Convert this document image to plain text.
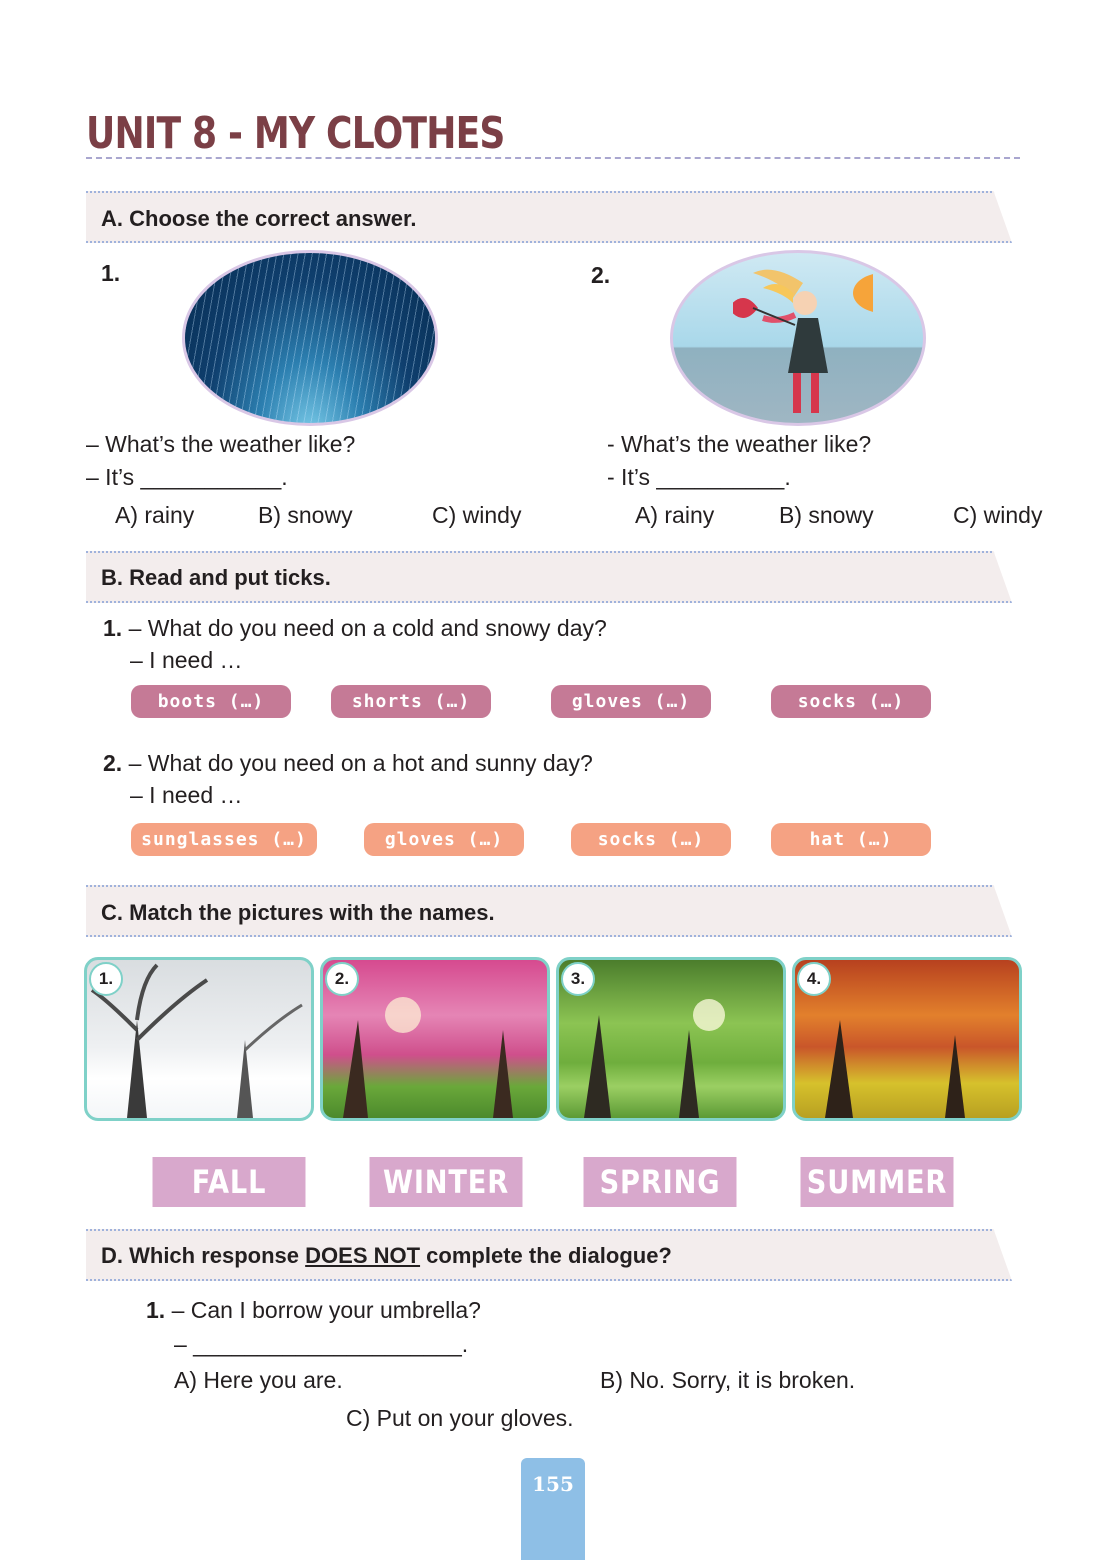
UNIT 8 - MY CLOTHES
A. Choose the correct answer.
1.	2.
– What’s the weather like?
– It’s ___________.
A) rainy	B) snowy	C) windy
- What’s the weather like?
- It’s __________.
A) rainy	B) snowy	C) windy
B. Read and put ticks.
1. – What do you need on a cold and snowy day?
– I need …
boots (…)	shorts (…)	gloves (…)	socks (…)
2. – What do you need on a hot and sunny day?
– I need …
sunglasses (…)	gloves (…)	socks (…)	hat (…)
C. Match the pictures with the names.
1.	2.	3.	4.
FALL	WINTER	SPRING	SUMMER
D. Which response DOES NOT complete the dialogue?
1. – Can I borrow your umbrella?
– _____________________.
A) Here you are.	B) No. Sorry, it is broken.
C) Put on your gloves.
155
